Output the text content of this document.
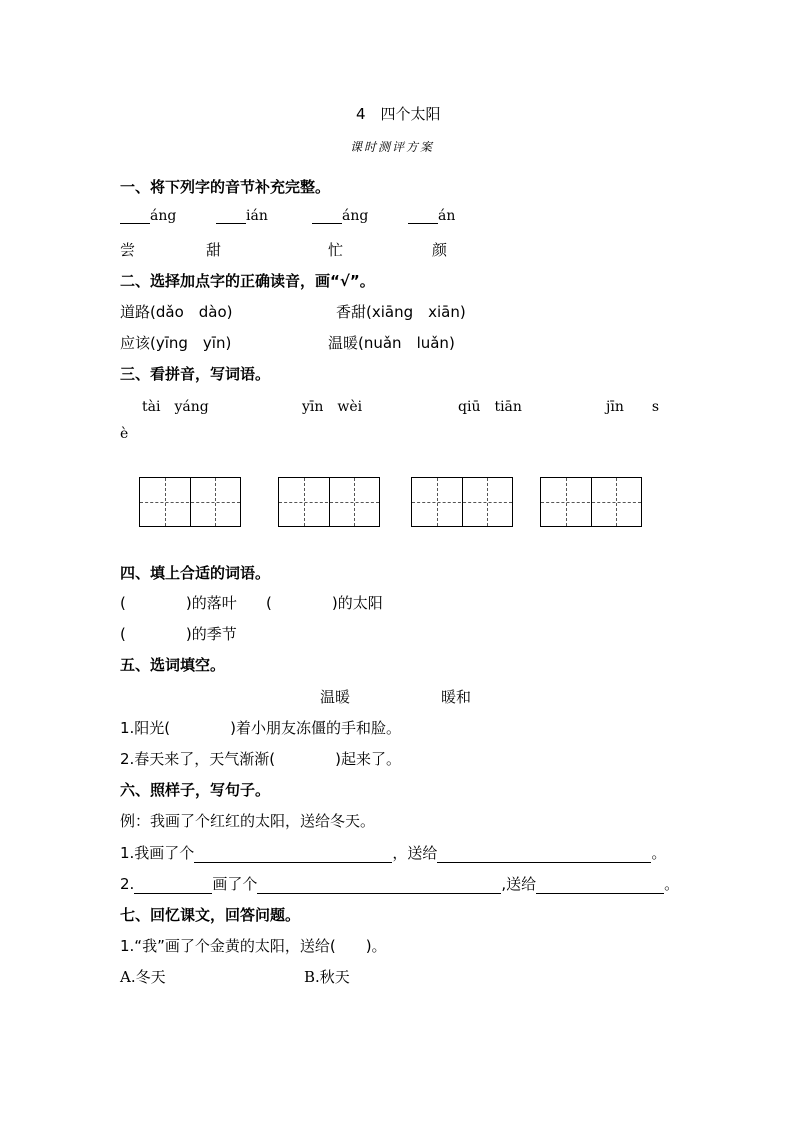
4　四个太阳
课时测评方案
一、将下列字的音节补充完整。
áng	ián	áng	án
尝	甜	忙	颜
二、选择加点字的正确读音，画“√”。
道路(dǎo　dào)	香甜(xiāng　xiān)
应该(yīng　yīn)	温暖(nuǎn　luǎn)
三、看拼音，写词语。
tài　yáng	yīn　wèi	qiū　tiān	jīn　　s
è
四、填上合适的词语。
(　　　　)的落叶 (　　　　)的太阳
(　　　　)的季节
五、选词填空。
温暖	暖和
1.阳光(　　　　)着小朋友冻僵的手和脸。
2.春天来了，天气渐渐(　　　　)起来了。
六、照样子，写句子。
例：我画了个红红的太阳，送给冬天。
1.我画了个	，送给	。
2.	画了个	,送给	。
七、回忆课文，回答问题。
1.“我”画了个金黄的太阳，送给(　　)。
A.冬天	B.秋天
